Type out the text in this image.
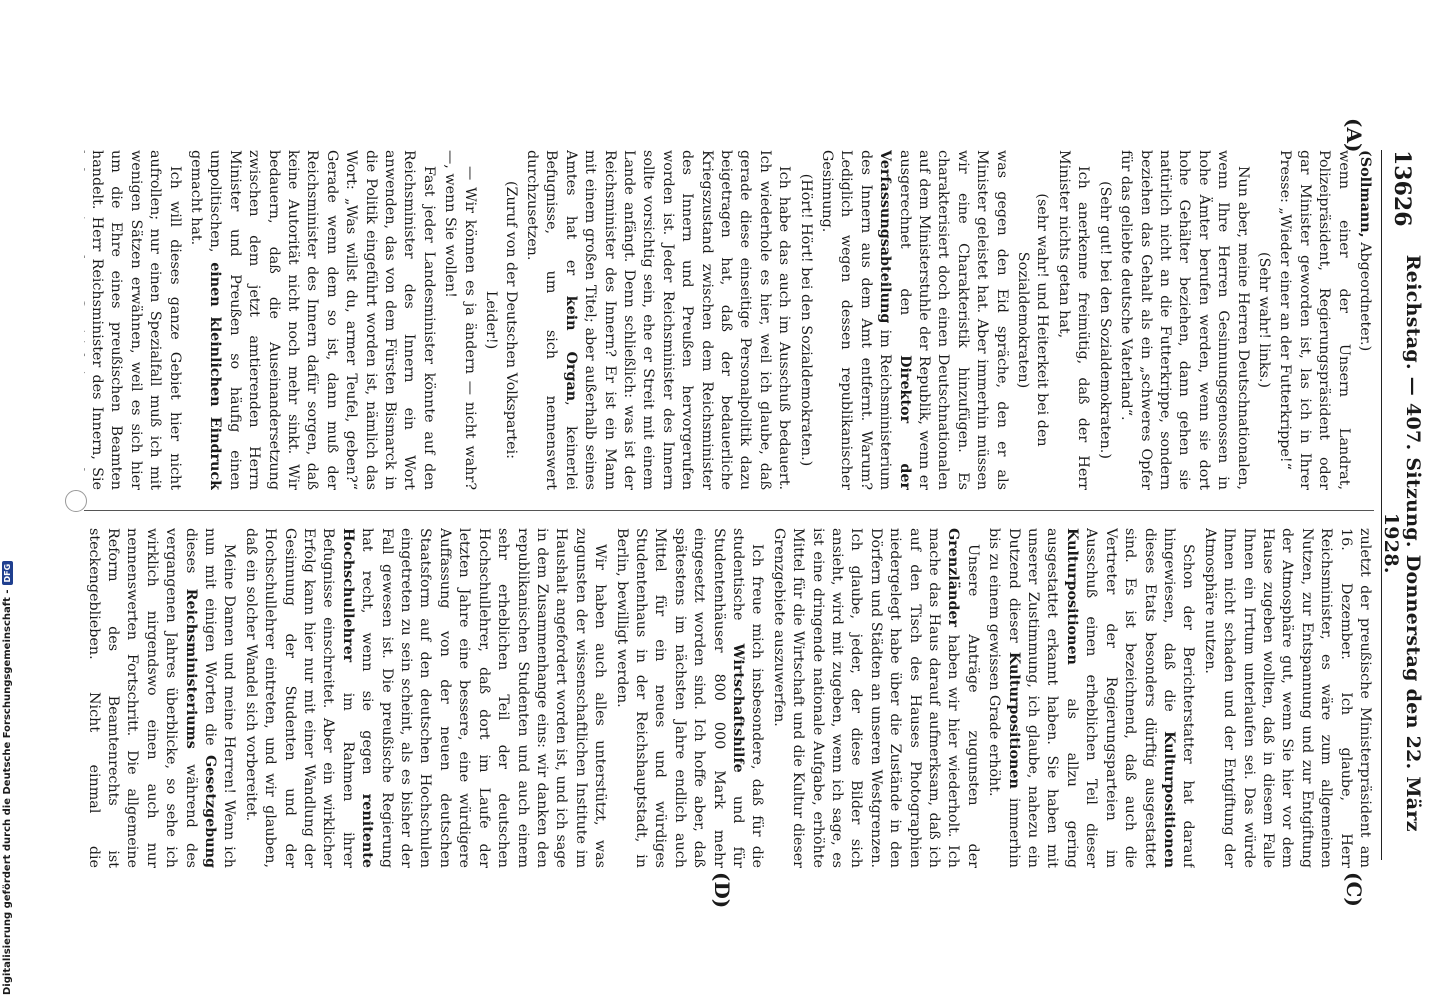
13626
Reichstag. — 407. Sitzung. Donnerstag den 22. März 1928.
(A)
(C)
(D)

(Sollmann, Abgeordneter.)

wenn einer der Unsern Landrat, Polizeipräsident, Regierungspräsident oder gar Minister geworden ist, las ich in Ihrer Presse: „Wieder einer an der Futterkrippe!“

(Sehr wahr! links.)

Nun aber, meine Herren Deutschnationalen, wenn Ihre Herren Gesinnungsgenossen in hohe Ämter berufen werden, wenn sie dort hohe Gehälter beziehen, dann gehen sie natürlich nicht an die Futterkrippe, sondern beziehen das Gehalt als ein „schweres Opfer für das geliebte deutsche Vaterland“.

(Sehr gut! bei den Sozialdemokraten.)

Ich anerkenne freimütig, daß der Herr Minister nichts getan hat,

(sehr wahr! und Heiterkeit bei den Sozialdemokraten)

was gegen den Eid spräche, den er als Minister geleistet hat. Aber immerhin müssen wir eine Charakteristik hinzufügen. Es charakterisiert doch einen Deutschnationalen auf dem Ministerstuhle der Republik, wenn er ausgerechnet den Direktor der Verfassungsabteilung im Reichsministerium des Innern aus dem Amt entfernt. Warum? Lediglich wegen dessen republikanischer Gesinnung.

(Hört! Hört! bei den Sozialdemokraten.)

Ich habe das auch im Ausschuß bedauert. Ich wiederhole es hier, weil ich glaube, daß gerade diese einseitige Personalpolitik dazu beigetragen hat, daß der bedauerliche Kriegszustand zwischen dem Reichsminister des Innern und Preußen hervorgerufen worden ist. Jeder Reichsminister des Innern sollte vorsichtig sein, ehe er Streit mit einem Lande anfängt. Denn schließlich: was ist der Reichsminister des Innern? Er ist ein Mann mit einem großen Titel; aber außerhalb seines Amtes hat er kein Organ, keinerlei Befugnisse, um sich nennenswert durchzusetzen.

(Zuruf von der Deutschen Volkspartei: Leider!)

— Wir können es ja ändern — nicht wahr? —, wenn Sie wollen!

Fast jeder Landesminister könnte auf den Reichsminister des Innern ein Wort anwenden, das von dem Fürsten Bismarck in die Politik eingeführt worden ist, nämlich das Wort: „Was willst du, armer Teufel, geben?“ Gerade wenn dem so ist, dann muß der Reichsminister des Innern dafür sorgen, daß keine Autorität nicht noch mehr sinkt. Wir bedauern, daß die Auseinandersetzung zwischen dem jetzt amtierenden Herrn Minister und Preußen so häufig einen unpolitischen, einen kleinlichen Eindruck gemacht hat.

Ich will dieses ganze Gebiet hier nicht aufrollen; nur einen Spezialfall muß ich mit wenigen Sätzen erwähnen, weil es sich hier um die Ehre eines preußischen Beamten handelt. Herr Reichsminister des Innern, Sie

zuletzt der preußische Ministerpräsident am 16. Dezember. Ich glaube, Herr Reichsminister, es wäre zum allgemeinen Nutzen, zur Entspannung und zur Entgiftung der Atmosphäre gut, wenn Sie hier vor dem Hause zugeben wollten, daß in diesem Falle Ihnen ein Irrtum unterlaufen sei. Das würde Ihnen nicht schaden und der Entgiftung der Atmosphäre nutzen.

Schon der Berichterstatter hat darauf hingewiesen, daß die Kulturpositionen dieses Etats besonders dürftig ausgestattet sind. Es ist bezeichnend, daß auch die Vertreter der Regierungsparteien im Ausschuß einen erheblichen Teil dieser Kulturpositionen als allzu gering ausgestattet erkannt haben. Sie haben mit unserer Zustimmung, ich glaube, nahezu ein Dutzend dieser Kulturpositionen immerhin bis zu einem gewissen Grade erhöht.

Unsere Anträge zugunsten der Grenzländer haben wir hier wiederholt. Ich mache das Haus darauf aufmerksam, daß ich auf den Tisch des Hauses Photographien niedergelegt habe über die Zustände in den Dörfern und Städten an unseren Westgrenzen. Ich glaube, jeder, der diese Bilder sich ansieht, wird mit zugeben, wenn ich sage, es ist eine dringende nationale Aufgabe, erhöhte Mittel für die Wirtschaft und die Kultur dieser Grenzgebiete auszuwerfen.

Ich freue mich insbesondere, daß für die studentische Wirtschaftshilfe und für Studentenhäuser 800 000 Mark mehr eingesetzt worden sind. Ich hoffe aber, daß spätestens im nächsten Jahre endlich auch Mittel für ein neues und würdiges Studentenhaus in der Reichshauptstadt, in Berlin, bewilligt werden.

Wir haben auch alles unterstützt, was zugunsten der wissenschaftlichen Institute im Haushalt angefordert worden ist, und ich sage in dem Zusammenhange eins: wir danken den republikanischen Studenten und auch einem sehr erheblichen Teil der deutschen Hochschullehrer, daß dort im Laufe der letzten Jahre eine bessere, eine würdigere Auffassung von der neuen deutschen Staatsform auf den deutschen Hochschulen eingetreten zu sein scheint, als es bisher der Fall gewesen ist. Die preußische Regierung hat recht, wenn sie gegen renitente Hochschullehrer im Rahmen ihrer Befugnisse einschreitet. Aber ein wirklicher Erfolg kann hier nur mit einer Wandlung der Gesinnung der Studenten und der Hochschullehrer eintreten, und wir glauben, daß ein solcher Wandel sich vorbereitet.

Meine Damen und meine Herren! Wenn ich nun mit einigen Worten die Gesetzgebung dieses Reichsministeriums während des vergangenen Jahres überblicke, so sehe ich wirklich nirgendswo einen auch nur nennenswerten Fortschritt. Die allgemeine Reform des Beamtenrechts ist steckengeblieben. Nicht einmal die

Digitalisierung gefördert durch die Deutsche Forschungsgemeinschaft -
DFG
